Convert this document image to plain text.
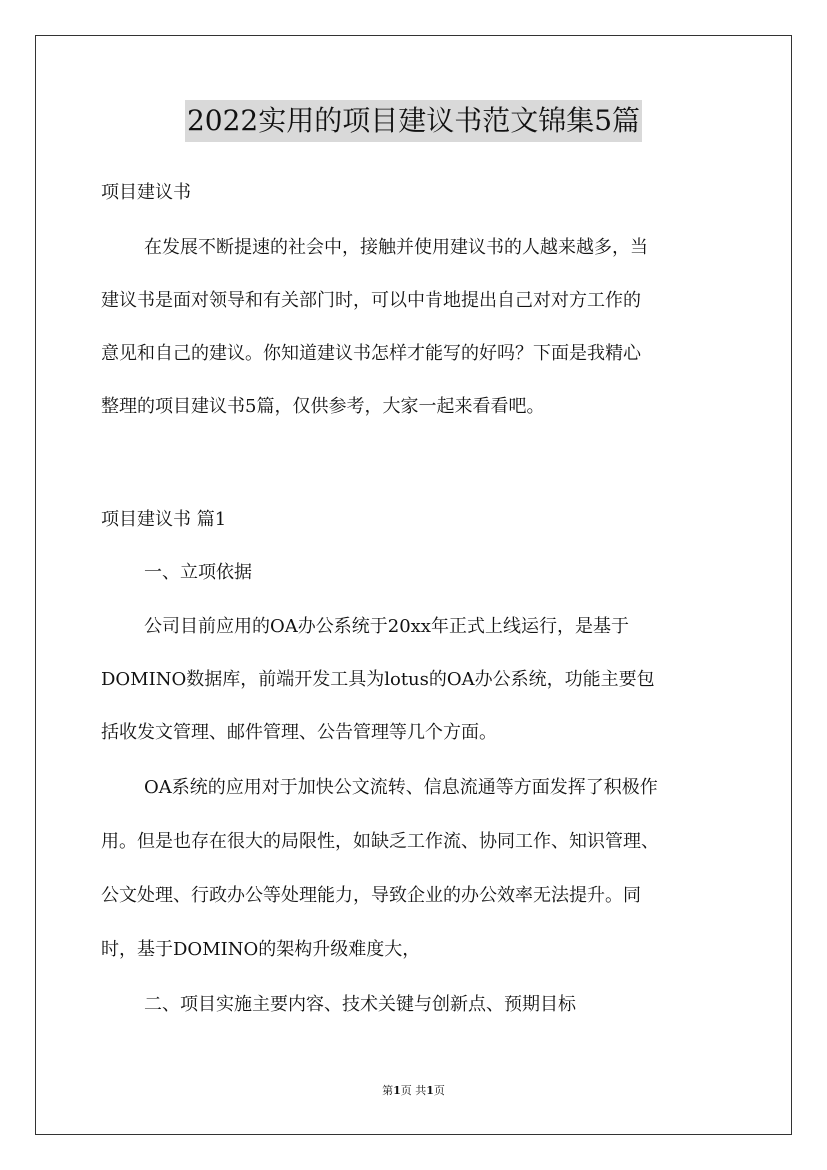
2022实用的项目建议书范文锦集5篇
项目建议书
在发展不断提速的社会中，接触并使用建议书的人越来越多，当
建议书是面对领导和有关部门时，可以中肯地提出自己对对方工作的
意见和自己的建议。你知道建议书怎样才能写的好吗？下面是我精心
整理的项目建议书5篇，仅供参考，大家一起来看看吧。
项目建议书 篇1
一、立项依据
公司目前应用的OA办公系统于20xx年正式上线运行，是基于
DOMINO数据库，前端开发工具为lotus的OA办公系统，功能主要包
括收发文管理、邮件管理、公告管理等几个方面。
OA系统的应用对于加快公文流转、信息流通等方面发挥了积极作
用。但是也存在很大的局限性，如缺乏工作流、协同工作、知识管理、
公文处理、行政办公等处理能力，导致企业的办公效率无法提升。同
时，基于DOMINO的架构升级难度大，
二、项目实施主要内容、技术关键与创新点、预期目标
第1页 共1页
